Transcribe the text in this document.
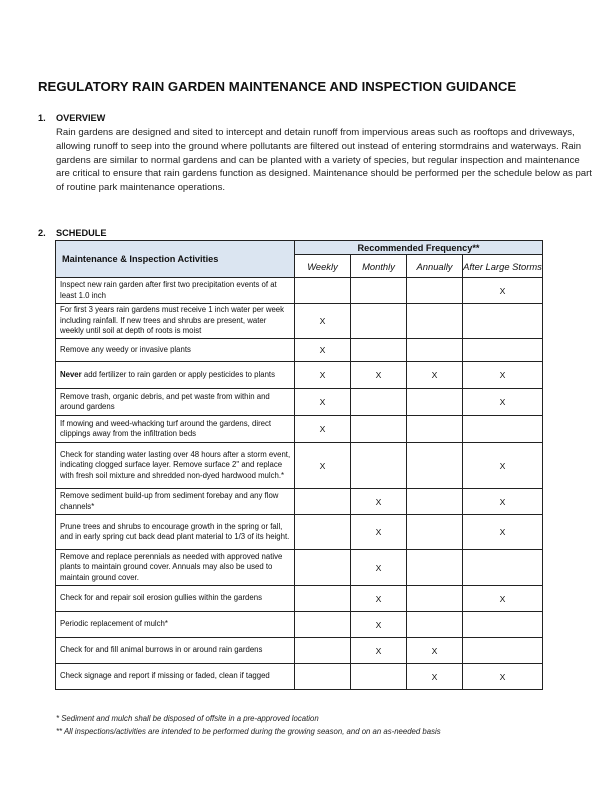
REGULATORY RAIN GARDEN MAINTENANCE AND INSPECTION GUIDANCE
1. OVERVIEW
Rain gardens are designed and sited to intercept and detain runoff from impervious areas such as rooftops and driveways, allowing runoff to seep into the ground where pollutants are filtered out instead of entering stormdrains and waterways. Rain gardens are similar to normal gardens and can be planted with a variety of species, but regular inspection and maintenance are critical to ensure that rain gardens function as designed. Maintenance should be performed per the schedule below as part of routine park maintenance operations.
2. SCHEDULE
Maintenance & Inspection Activities	Recommended Frequency**			
	Weekly	Monthly	Annually	After Large Storms
Inspect new rain garden after first two precipitation events of at least 1.0 inch				X
For first 3 years rain gardens must receive 1 inch water per week including rainfall. If new trees and shrubs are present, water weekly until soil at depth of roots is moist	X			
Remove any weedy or invasive plants	X			
Never add fertilizer to rain garden or apply pesticides to plants	X	X	X	X
Remove trash, organic debris, and pet waste from within and around gardens	X			X
If mowing and weed-whacking turf around the gardens, direct clippings away from the infiltration beds	X			
Check for standing water lasting over 48 hours after a storm event, indicating clogged surface layer. Remove surface 2" and replace with fresh soil mixture and shredded non-dyed hardwood mulch.*	X			X
Remove sediment build-up from sediment forebay and any flow channels*		X		X
Prune trees and shrubs to encourage growth in the spring or fall, and in early spring cut back dead plant material to 1/3 of its height.		X		X
Remove and replace perennials as needed with approved native plants to maintain ground cover. Annuals may also be used to maintain ground cover.		X		
Check for and repair soil erosion gullies within the gardens		X		X
Periodic replacement of mulch*		X		
Check for and fill animal burrows in or around rain gardens		X	X	
Check signage and report if missing or faded, clean if tagged			X	X
* Sediment and mulch shall be disposed of offsite in a pre-approved location
** All inspections/activities are intended to be performed during the growing season, and on an as-needed basis
